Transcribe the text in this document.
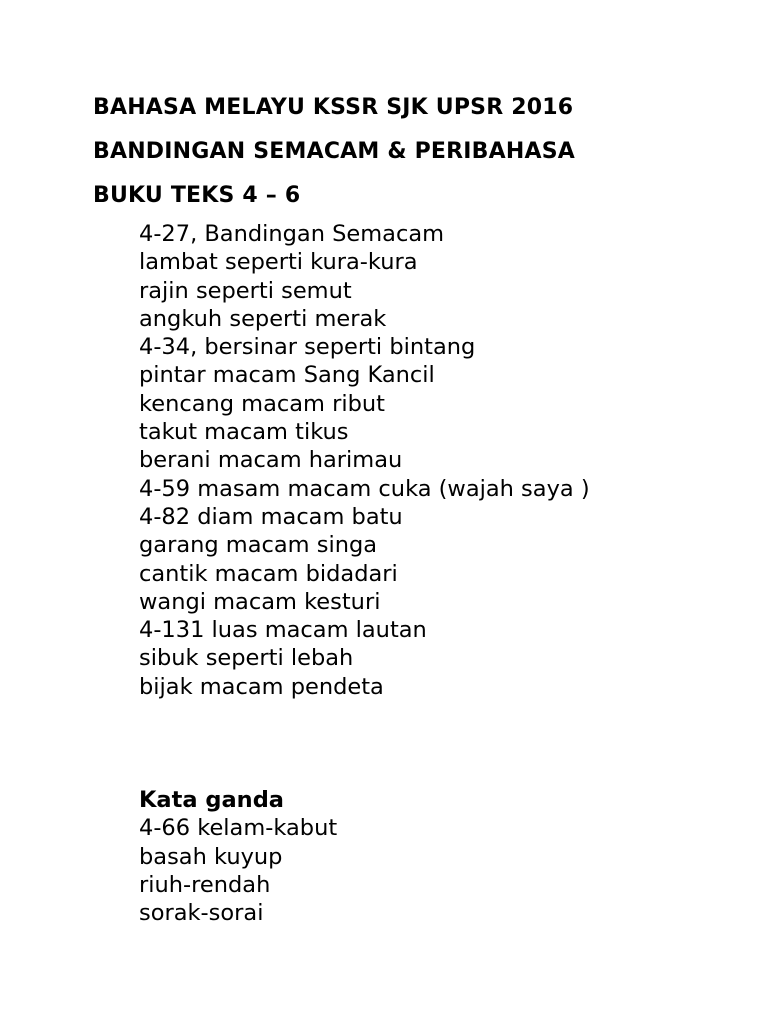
BAHASA MELAYU KSSR SJK UPSR 2016

BANDINGAN SEMACAM & PERIBAHASA

BUKU TEKS 4 – 6

4-27, Bandingan Semacam

lambat seperti kura-kura

rajin seperti semut

angkuh seperti merak

4-34, bersinar seperti bintang

pintar macam Sang Kancil

kencang macam ribut

takut macam tikus

berani macam harimau

4-59 masam macam cuka (wajah saya )

4-82 diam macam batu

garang macam singa

cantik macam bidadari

wangi macam kesturi

4-131 luas macam lautan

sibuk seperti lebah

bijak macam pendeta

Kata ganda

4-66 kelam-kabut

basah kuyup

riuh-rendah

sorak-sorai
